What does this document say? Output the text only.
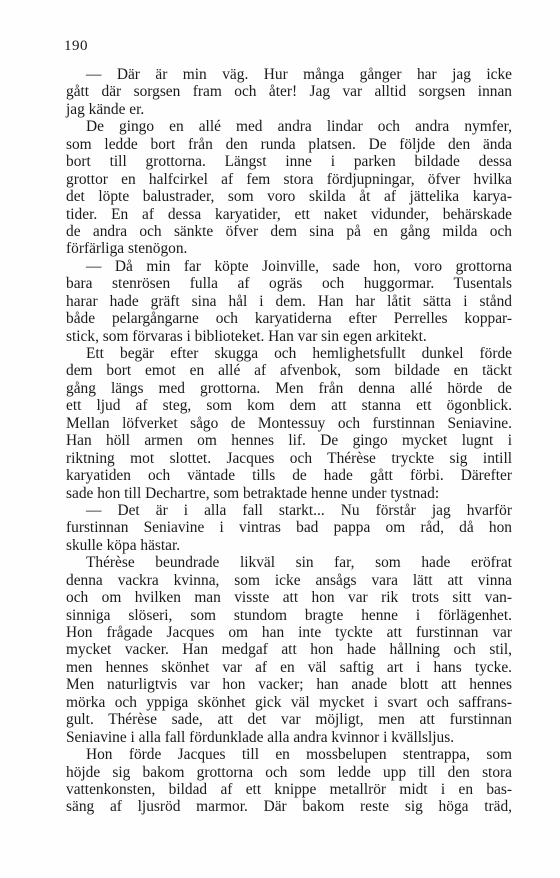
190
— Där är min väg. Hur många gånger har jag icke
gått där sorgsen fram och åter! Jag var alltid sorgsen innan
jag kände er.
De gingo en allé med andra lindar och andra nymfer,
som ledde bort från den runda platsen. De följde den ända
bort till grottorna. Längst inne i parken bildade dessa
grottor en halfcirkel af fem stora fördjupningar, öfver hvilka
det löpte balustrader, som voro skilda åt af jättelika karya-
tider. En af dessa karyatider, ett naket vidunder, behärskade
de andra och sänkte öfver dem sina på en gång milda och
förfärliga stenögon.
— Då min far köpte Joinville, sade hon, voro grottorna
bara stenrösen fulla af ogräs och huggormar. Tusentals
harar hade gräft sina hål i dem. Han har låtit sätta i stånd
både pelargångarne och karyatiderna efter Perrelles koppar-
stick, som förvaras i biblioteket. Han var sin egen arkitekt.
Ett begär efter skugga och hemlighetsfullt dunkel förde
dem bort emot en allé af afvenbok, som bildade en täckt
gång längs med grottorna. Men från denna allé hörde de
ett ljud af steg, som kom dem att stanna ett ögonblick.
Mellan löfverket sågo de Montessuy och furstinnan Seniavine.
Han höll armen om hennes lif. De gingo mycket lugnt i
riktning mot slottet. Jacques och Thérèse tryckte sig intill
karyatiden och väntade tills de hade gått förbi. Därefter
sade hon till Dechartre, som betraktade henne under tystnad:
— Det är i alla fall starkt... Nu förstår jag hvarför
furstinnan Seniavine i vintras bad pappa om råd, då hon
skulle köpa hästar.
Thérèse beundrade likväl sin far, som hade eröfrat
denna vackra kvinna, som icke ansågs vara lätt att vinna
och om hvilken man visste att hon var rik trots sitt van-
sinniga slöseri, som stundom bragte henne i förlägenhet.
Hon frågade Jacques om han inte tyckte att furstinnan var
mycket vacker. Han medgaf att hon hade hållning och stil,
men hennes skönhet var af en väl saftig art i hans tycke.
Men naturligtvis var hon vacker; han anade blott att hennes
mörka och yppiga skönhet gick väl mycket i svart och saffrans-
gult. Thérèse sade, att det var möjligt, men att furstinnan
Seniavine i alla fall fördunklade alla andra kvinnor i kvällsljus.
Hon förde Jacques till en mossbelupen stentrappa, som
höjde sig bakom grottorna och som ledde upp till den stora
vattenkonsten, bildad af ett knippe metallrör midt i en bas-
säng af ljusröd marmor. Där bakom reste sig höga träd,
